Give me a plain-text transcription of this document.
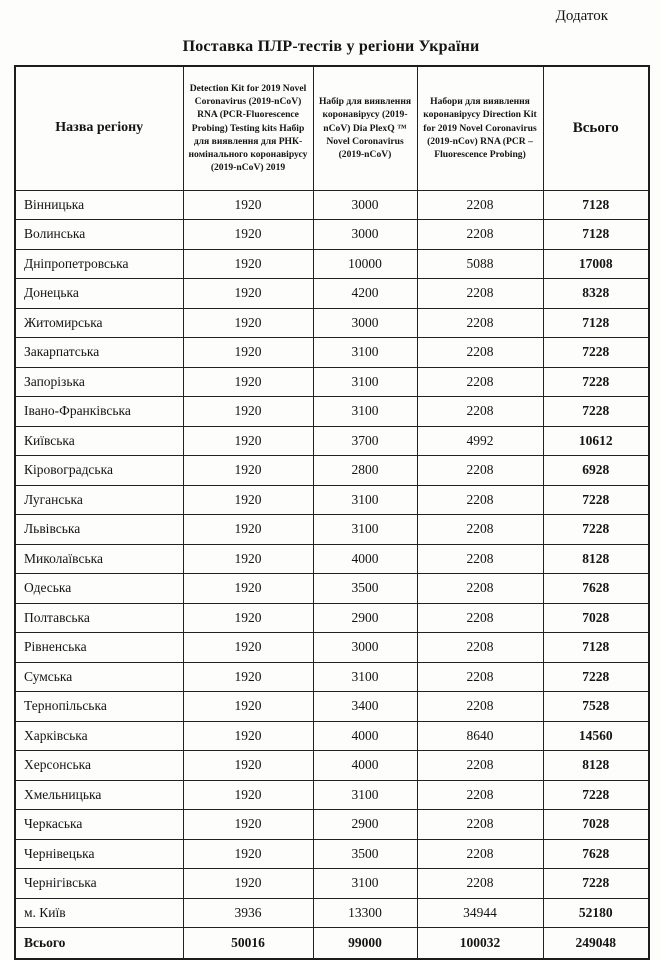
Додаток
Поставка ПЛР-тестів у регіони України
Назва регіону	Detection Kit for 2019 Novel Coronavirus (2019-nCoV) RNA (PCR-Fluorescence Probing) Testing kits Набір для виявлення для РНК-номінального коронавірусу (2019-nCoV) 2019	Набір для виявлення коронавірусу (2019-nCoV) Dia PlexQ ™ Novel Coronavirus (2019-nCoV)	Набори для виявлення коронавірусу Direction Kit for 2019 Novel Coronavirus (2019-nCov) RNA (PCR – Fluorescence Probing)	Всього
Вінницька	1920	3000	2208	7128
Волинська	1920	3000	2208	7128
Дніпропетровська	1920	10000	5088	17008
Донецька	1920	4200	2208	8328
Житомирська	1920	3000	2208	7128
Закарпатська	1920	3100	2208	7228
Запорізька	1920	3100	2208	7228
Івано-Франківська	1920	3100	2208	7228
Київська	1920	3700	4992	10612
Кіровоградська	1920	2800	2208	6928
Луганська	1920	3100	2208	7228
Львівська	1920	3100	2208	7228
Миколаївська	1920	4000	2208	8128
Одеська	1920	3500	2208	7628
Полтавська	1920	2900	2208	7028
Рівненська	1920	3000	2208	7128
Сумська	1920	3100	2208	7228
Тернопільська	1920	3400	2208	7528
Харківська	1920	4000	8640	14560
Херсонська	1920	4000	2208	8128
Хмельницька	1920	3100	2208	7228
Черкаська	1920	2900	2208	7028
Чернівецька	1920	3500	2208	7628
Чернігівська	1920	3100	2208	7228
м. Київ	3936	13300	34944	52180
Всього	50016	99000	100032	249048
